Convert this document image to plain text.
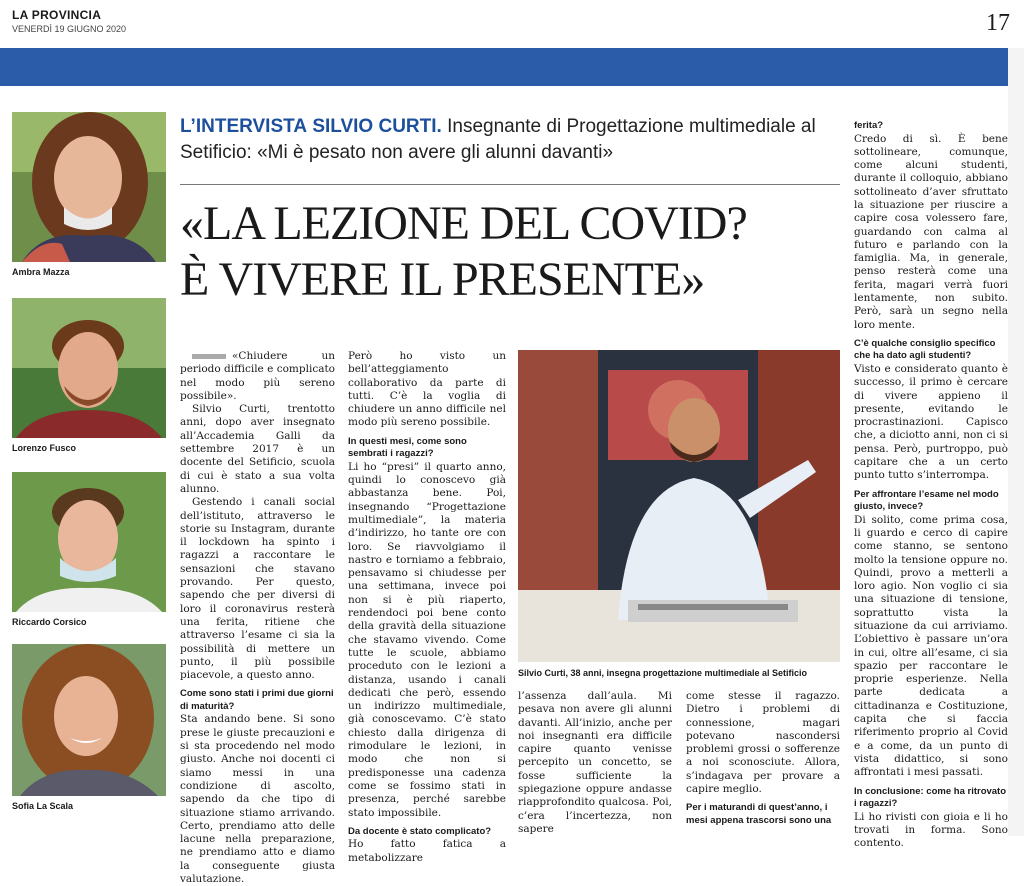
LA PROVINCIA
VENERDÌ 19 GIUGNO 2020	17
Ambra Mazza
Lorenzo Fusco
Riccardo Corsico
Sofia La Scala
L’INTERVISTA SILVIO CURTI. Insegnante di Progettazione multimediale al Setificio: «Mi è pesato non avere gli alunni davanti»
«LA LEZIONE DEL COVID?
È VIVERE IL PRESENTE»

«Chiudere un periodo difficile e complicato nel modo più sereno possibile».

Silvio Curti, trentotto anni, dopo aver insegnato all’Accademia Galli da settembre 2017 è un docente del Setificio, scuola di cui è stato a sua volta alunno.

Gestendo i canali social dell’istituto, attraverso le storie su Instagram, durante il lockdown ha spinto i ragazzi a raccontare le sensazioni che stavano provando. Per questo, sapendo che per diversi di loro il coronavirus resterà una ferita, ritiene che attraverso l’esame ci sia la possibilità di mettere un punto, il più possibile piacevole, a questo anno.

Come sono stati i primi due giorni di maturità?

Sta andando bene. Si sono prese le giuste precauzioni e si sta procedendo nel modo giusto. Anche noi docenti ci siamo messi in una condizione di ascolto, sapendo da che tipo di situazione stiamo arrivando. Certo, prendiamo atto delle lacune nella preparazione, ne prendiamo atto e diamo la conseguente giusta valutazione.

Però ho visto un bell’atteggiamento collaborativo da parte di tutti. C’è la voglia di chiudere un anno difficile nel modo più sereno possibile.

In questi mesi, come sono sembrati i ragazzi?

Li ho “presi” il quarto anno, quindi lo conoscevo già abbastanza bene. Poi, insegnando “Progettazione multimediale”, la materia d’indirizzo, ho tante ore con loro. Se riavvolgiamo il nastro e torniamo a febbraio, pensavamo si chiudesse per una settimana, invece poi non si è più riaperto, rendendoci poi bene conto della gravità della situazione che stavamo vivendo. Come tutte le scuole, abbiamo proceduto con le lezioni a distanza, usando i canali dedicati che però, essendo un indirizzo multimediale, già conoscevamo. C’è stato chiesto dalla dirigenza di rimodulare le lezioni, in modo che non si predisponesse una cadenza come se fossimo stati in presenza, perché sarebbe stato impossibile.

Da docente è stato complicato?

Ho fatto fatica a metabolizzare

Silvio Curti, 38 anni, insegna progettazione multimediale al Setificio

l’assenza dall’aula. Mi pesava non avere gli alunni davanti. All’inizio, anche per noi insegnanti era difficile capire quanto venisse percepito un concetto, se fosse sufficiente la spiegazione oppure andasse riapprofondito qualcosa. Poi, c’era l’incertezza, non sapere

come stesse il ragazzo. Dietro i problemi di connessione, magari potevano nascondersi problemi grossi o sofferenze a noi sconosciute. Allora, s’indagava per provare a capire meglio.

Per i maturandi di quest’anno, i mesi appena trascorsi sono una

ferita?

Credo di sì. È bene sottolineare, comunque, come alcuni studenti, durante il colloquio, abbiano sottolineato d’aver sfruttato la situazione per riuscire a capire cosa volessero fare, guardando con calma al futuro e parlando con la famiglia. Ma, in generale, penso resterà come una ferita, magari verrà fuori lentamente, non subito. Però, sarà un segno nella loro mente.

C’è qualche consiglio specifico che ha dato agli studenti?

Visto e considerato quanto è successo, il primo è cercare di vivere appieno il presente, evitando le procrastinazioni. Capisco che, a diciotto anni, non ci si pensa. Però, purtroppo, può capitare che a un certo punto tutto s’interrompa.

Per affrontare l’esame nel modo giusto, invece?

Di solito, come prima cosa, li guardo e cerco di capire come stanno, se sentono molto la tensione oppure no. Quindi, provo a metterli a loro agio. Non voglio ci sia una situazione di tensione, soprattutto vista la situazione da cui arriviamo. L’obiettivo è passare un’ora in cui, oltre all’esame, ci sia spazio per raccontare le proprie esperienze. Nella parte dedicata a cittadinanza e Costituzione, capita che si faccia riferimento proprio al Covid e a come, da un punto di vista didattico, si sono affrontati i mesi passati.

In conclusione: come ha ritrovato i ragazzi?

Li ho rivisti con gioia e li ho trovati in forma. Sono contento.
